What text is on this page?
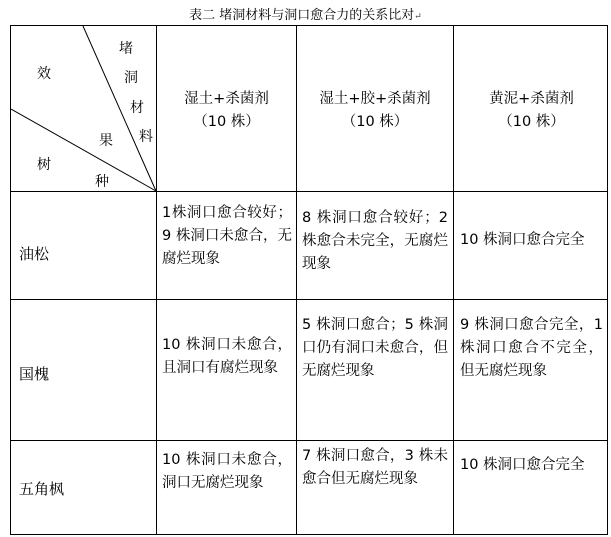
表二 堵洞材料与洞口愈合力的关系比对↵
堵
洞
材
料
效
果
树
种
湿土+杀菌剂
（10 株）
湿土+胶+杀菌剂
（10 株）
黄泥+杀菌剂
（10 株）
油松
1株洞口愈合较好；9 株洞口未愈合，无腐烂现象
8 株洞口愈合较好；2 株愈合未完全，无腐烂现象
10 株洞口愈合完全
国槐
10 株洞口未愈合，且洞口有腐烂现象
5 株洞口愈合；5 株洞口仍有洞口未愈合，但无腐烂现象
9 株洞口愈合完全，1 株洞口愈合不完全，但无腐烂现象
五角枫
10 株洞口未愈合，洞口无腐烂现象
7 株洞口愈合，3 株未愈合但无腐烂现象
10 株洞口愈合完全
